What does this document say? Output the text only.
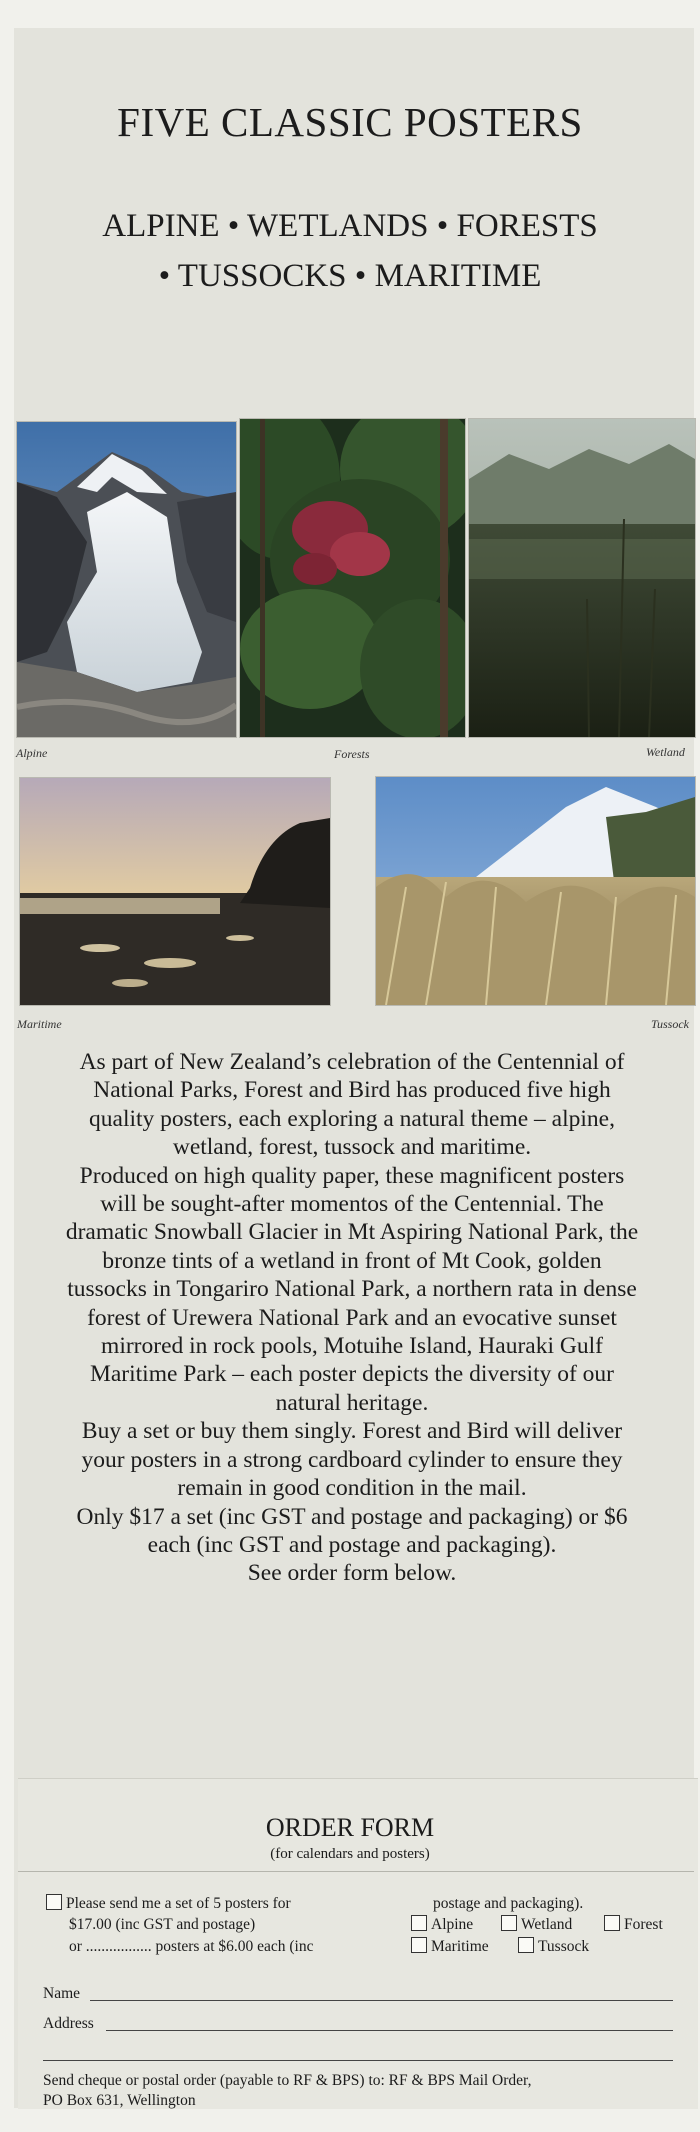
FIVE CLASSIC POSTERS
ALPINE • WETLANDS • FORESTS
• TUSSOCKS • MARITIME
Alpine	Forests	Wetland
Maritime	Tussock

As part of New Zealand’s celebration of the Centennial of National Parks, Forest and Bird has produced five high quality posters, each exploring a natural theme – alpine, wetland, forest, tussock and maritime.

Produced on high quality paper, these magnificent posters will be sought-after momentos of the Centennial. The dramatic Snowball Glacier in Mt Aspiring National Park, the bronze tints of a wetland in front of Mt Cook, golden tussocks in Tongariro National Park, a northern rata in dense forest of Urewera National Park and an evocative sunset mirrored in rock pools, Motuihe Island, Hauraki Gulf Maritime Park – each poster depicts the diversity of our natural heritage.

Buy a set or buy them singly. Forest and Bird will deliver your posters in a strong cardboard cylinder to ensure they remain in good condition in the mail.

Only $17 a set (inc GST and postage and packaging) or $6 each (inc GST and postage and packaging).

See order form below.

ORDER FORM
(for calendars and posters)
Please send me a set of 5 posters for
$17.00 (inc GST and postage)
or ................. posters at $6.00 each (inc
postage and packaging).
Alpine	Wetland	Forest
Maritime	Tussock
Name
Address
Send cheque or postal order (payable to RF & BPS) to: RF & BPS Mail Order,
PO Box 631, Wellington
